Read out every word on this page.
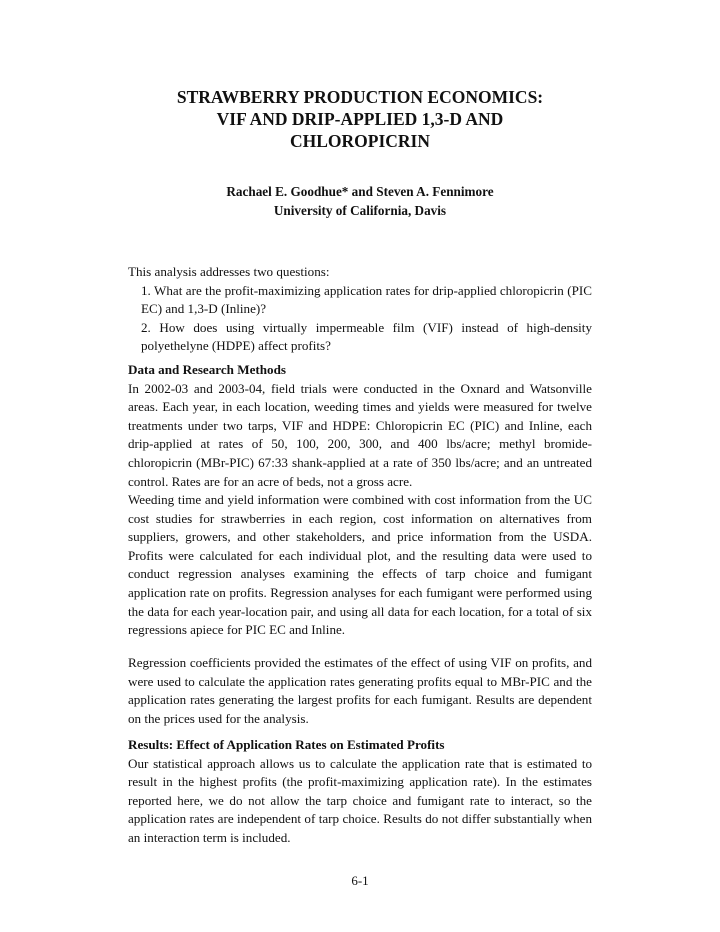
STRAWBERRY PRODUCTION ECONOMICS:
VIF AND DRIP-APPLIED 1,3-D AND
CHLOROPICRIN
Rachael E. Goodhue* and Steven A. Fennimore
University of California, Davis

This analysis addresses two questions:

1. What are the profit-maximizing application rates for drip-applied chloropicrin (PIC EC) and 1,3-D (Inline)?

2. How does using virtually impermeable film (VIF) instead of high-density polyethelyne (HDPE) affect profits?

Data and Research Methods

In 2002-03 and 2003-04, field trials were conducted in the Oxnard and Watsonville areas. Each year, in each location, weeding times and yields were measured for twelve treatments under two tarps, VIF and HDPE: Chloropicrin EC (PIC) and Inline, each drip-applied at rates of 50, 100, 200, 300, and 400 lbs/acre; methyl bromide-chloropicrin (MBr-PIC) 67:33 shank-applied at a rate of 350 lbs/acre; and an untreated control. Rates are for an acre of beds, not a gross acre.

Weeding time and yield information were combined with cost information from the UC cost studies for strawberries in each region, cost information on alternatives from suppliers, growers, and other stakeholders, and price information from the USDA. Profits were calculated for each individual plot, and the resulting data were used to conduct regression analyses examining the effects of tarp choice and fumigant application rate on profits. Regression analyses for each fumigant were performed using the data for each year-location pair, and using all data for each location, for a total of six regressions apiece for PIC EC and Inline.

Regression coefficients provided the estimates of the effect of using VIF on profits, and were used to calculate the application rates generating profits equal to MBr-PIC and the application rates generating the largest profits for each fumigant. Results are dependent on the prices used for the analysis.

Results: Effect of Application Rates on Estimated Profits

Our statistical approach allows us to calculate the application rate that is estimated to result in the highest profits (the profit-maximizing application rate). In the estimates reported here, we do not allow the tarp choice and fumigant rate to interact, so the application rates are independent of tarp choice. Results do not differ substantially when an interaction term is included.

6-1
